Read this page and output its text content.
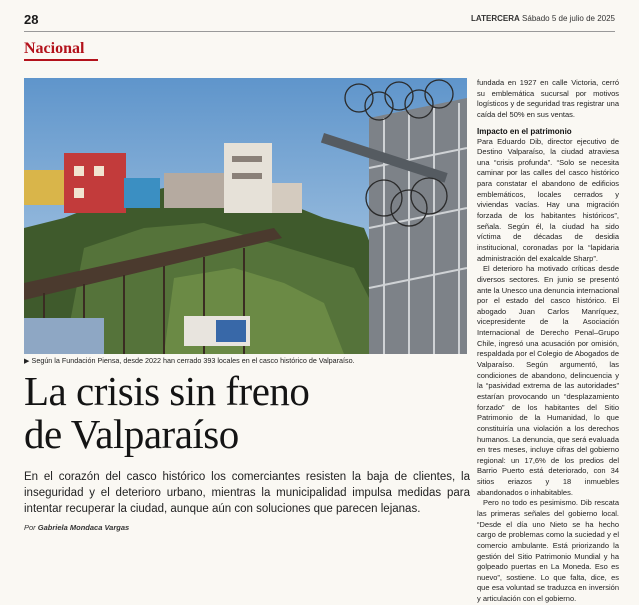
28	LATERCERA Sábado 5 de julio de 2025
Nacional
▶ Según la Fundación Piensa, desde 2022 han cerrado 393 locales en el casco histórico de Valparaíso.
La crisis sin freno
de Valparaíso

En el corazón del casco histórico los comerciantes resisten la baja de clientes, la inseguridad y el deterioro urbano, mientras la municipalidad impulsa medidas para intentar recuperar la ciudad, aunque aún con soluciones que parecen lejanas.

Por Gabriela Mondaca Vargas

fundada en 1927 en calle Victoria, cerró su emblemática sucursal por motivos logísticos y de seguridad tras registrar una caída del 50% en sus ventas.

Impacto en el patrimonio

Para Eduardo Dib, director ejecutivo de Destino Valparaíso, la ciudad atraviesa una “crisis profunda”. “Solo se necesita caminar por las calles del casco histórico para constatar el abandono de edificios emblemáticos, locales cerrados y viviendas vacías. Hay una migración forzada de los habitantes históricos”, señala. Según él, la ciudad ha sido víctima de décadas de desidia institucional, coronadas por la “lapidaria administración del exalcalde Sharp”.

El deterioro ha motivado críticas desde diversos sectores. En junio se presentó ante la Unesco una denuncia internacional por el estado del casco histórico. El abogado Juan Carlos Manríquez, vicepresidente de la Asociación Internacional de Derecho Penal–Grupo Chile, ingresó una acusación por omisión, respaldada por el Colegio de Abogados de Valparaíso. Según argumentó, las condiciones de abandono, delincuencia y la “pasividad extrema de las autoridades” estarían provocando un “desplazamiento forzado” de los habitantes del Sitio Patrimonio de la Humanidad, lo que constituiría una violación a los derechos humanos. La denuncia, que será evaluada en tres meses, incluye cifras del gobierno regional: un 17,6% de los predios del Barrio Puerto está deteriorado, con 34 sitios eriazos y 18 inmuebles abandonados o inhabitables.

Pero no todo es pesimismo. Dib rescata las primeras señales del gobierno local. “Desde el día uno Nieto se ha hecho cargo de problemas como la suciedad y el comercio ambulante. Está priorizando la gestión del Sitio Patrimonio Mundial y ha golpeado puertas en La Moneda. Eso es nuevo”, sostiene. Lo que falta, dice, es que esa voluntad se traduzca en inversión y articulación con el gobierno.
